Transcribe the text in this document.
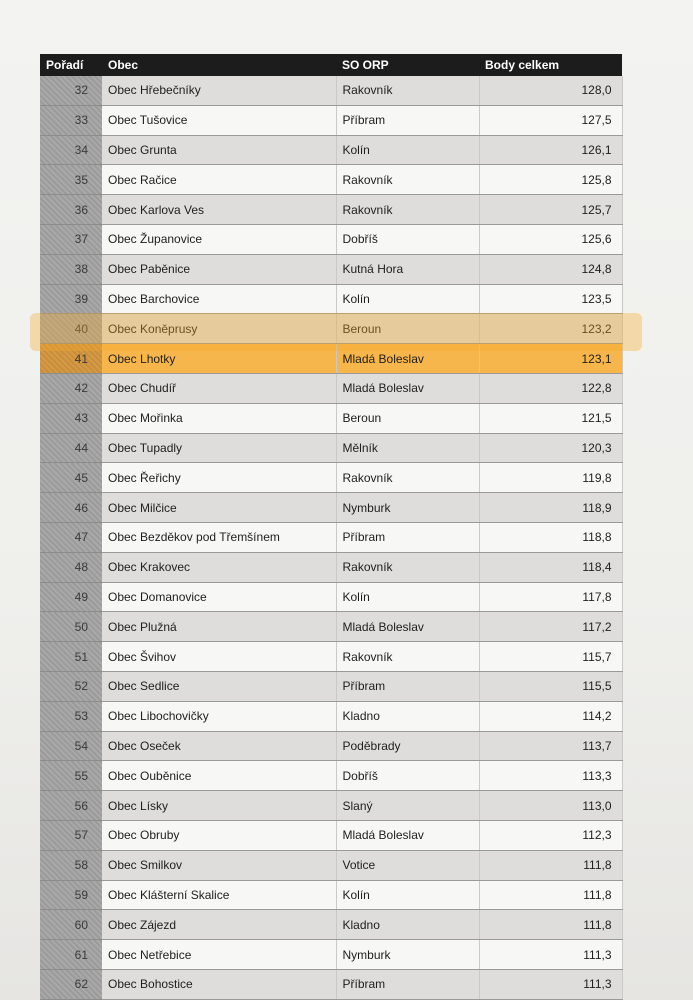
Pořadí	Obec	SO ORP	Body celkem
32	Obec Hřebečníky	Rakovník	128,0
33	Obec Tušovice	Příbram	127,5
34	Obec Grunta	Kolín	126,1
35	Obec Račice	Rakovník	125,8
36	Obec Karlova Ves	Rakovník	125,7
37	Obec Županovice	Dobříš	125,6
38	Obec Paběnice	Kutná Hora	124,8
39	Obec Barchovice	Kolín	123,5
40	Obec Koněprusy	Beroun	123,2
41	Obec Lhotky	Mladá Boleslav	123,1
42	Obec Chudíř	Mladá Boleslav	122,8
43	Obec Mořinka	Beroun	121,5
44	Obec Tupadly	Mělník	120,3
45	Obec Řeřichy	Rakovník	119,8
46	Obec Milčice	Nymburk	118,9
47	Obec Bezděkov pod Třemšínem	Příbram	118,8
48	Obec Krakovec	Rakovník	118,4
49	Obec Domanovice	Kolín	117,8
50	Obec Plužná	Mladá Boleslav	117,2
51	Obec Švihov	Rakovník	115,7
52	Obec Sedlice	Příbram	115,5
53	Obec Libochovičky	Kladno	114,2
54	Obec Oseček	Poděbrady	113,7
55	Obec Ouběnice	Dobříš	113,3
56	Obec Lísky	Slaný	113,0
57	Obec Obruby	Mladá Boleslav	112,3
58	Obec Smilkov	Votice	111,8
59	Obec Klášterní Skalice	Kolín	111,8
60	Obec Zájezd	Kladno	111,8
61	Obec Netřebice	Nymburk	111,3
62	Obec Bohostice	Příbram	111,3
